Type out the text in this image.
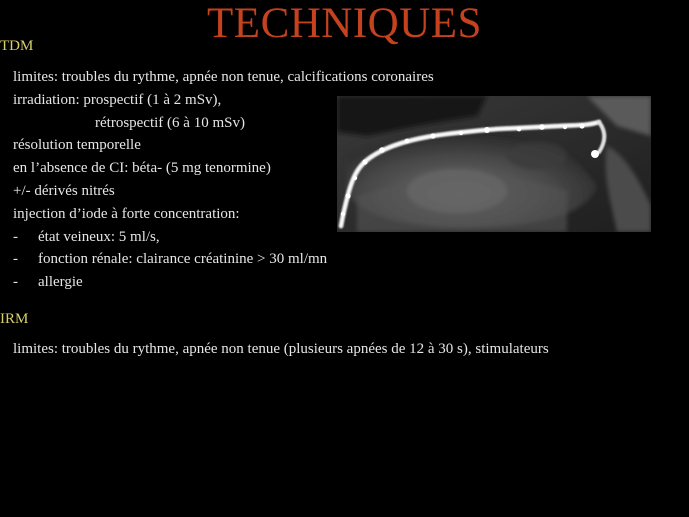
TECHNIQUES
TDM
limites: troubles du rythme, apnée non tenue, calcifications coronaires
irradiation: prospectif (1 à 2 mSv),
rétrospectif (6 à 10 mSv)
résolution temporelle
en l’absence de CI: béta- (5 mg tenormine)
+/- dérivés nitrés
injection d’iode à forte concentration:
- état veineux: 5 ml/s,
- fonction rénale: clairance créatinine > 30 ml/mn
- allergie
IRM
limites: troubles du rythme, apnée non tenue (plusieurs apnées de 12 à 30 s), stimulateurs
